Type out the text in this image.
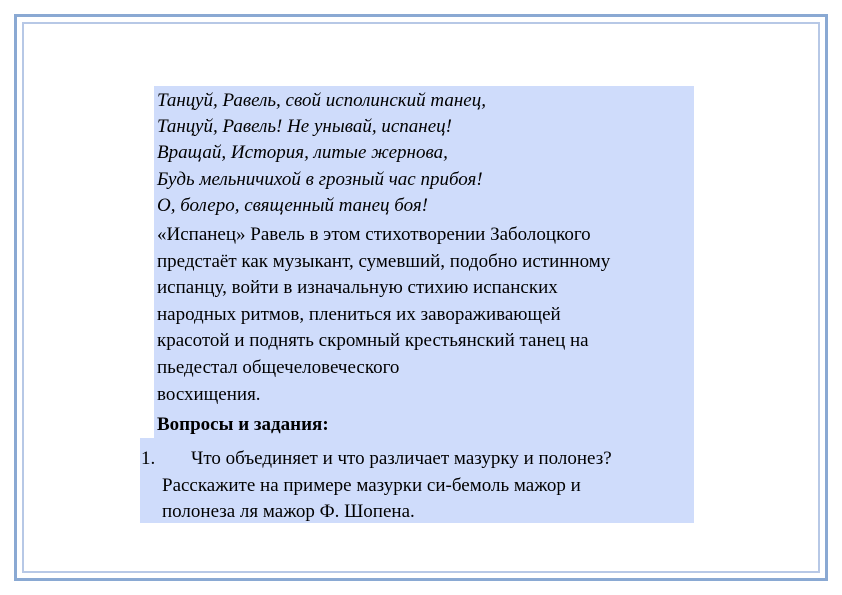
Танцуй, Равель, свой исполинский танец,
Танцуй, Равель! Не унывай, испанец!
Вращай, История, литые жернова,
Будь мельничихой в грозный час прибоя!
О, болеро, священный танец боя!
«Испанец» Равель в этом стихотворении Заболоцкого
предстаёт как музыкант, сумевший, подобно истинному
испанцу, войти в изначальную стихию испанских
народных ритмов, плениться их завораживающей
красотой и поднять скромный крестьянский танец на
пьедестал общечеловеческого
восхищения.
Вопросы и задания:
1. Что объединяет и что различает мазурку и полонез?
Расскажите на примере мазурки си-бемоль мажор и
полонеза ля мажор Ф. Шопена.
